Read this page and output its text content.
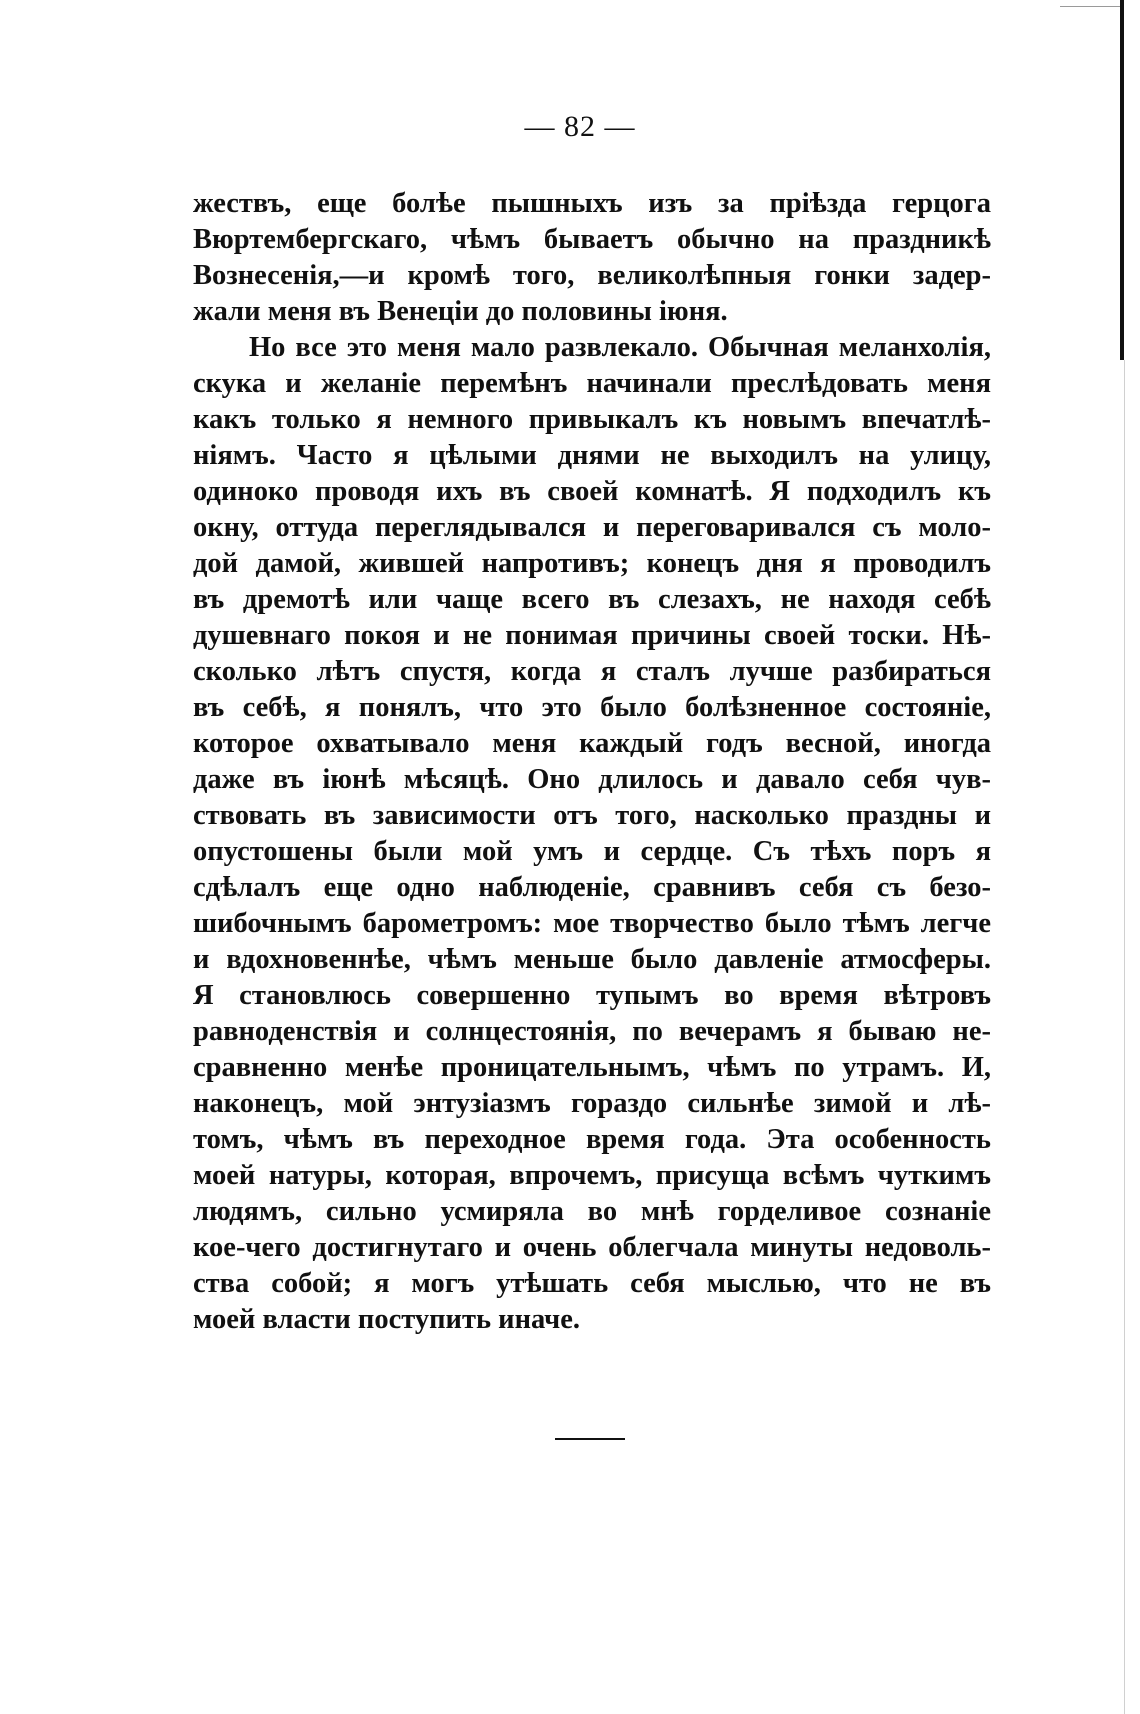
— 82 —
жествъ, еще болѣе пышныхъ изъ за пріѣзда герцога
Вюртембергскаго, чѣмъ бываетъ обычно на праздникѣ
Вознесенія,—и кромѣ того, великолѣпныя гонки задер-
жали меня въ Венеціи до половины іюня.
Но все это меня мало развлекало. Обычная меланхолія,
скука и желаніе перемѣнъ начинали преслѣдовать меня
какъ только я немного привыкалъ къ новымъ впечатлѣ-
ніямъ. Часто я цѣлыми днями не выходилъ на улицу,
одиноко проводя ихъ въ своей комнатѣ. Я подходилъ къ
окну, оттуда переглядывался и переговаривался съ моло-
дой дамой, жившей напротивъ; конецъ дня я проводилъ
въ дремотѣ или чаще всего въ слезахъ, не находя себѣ
душевнаго покоя и не понимая причины своей тоски. Нѣ-
сколько лѣтъ спустя, когда я сталъ лучше разбираться
въ себѣ, я понялъ, что это было болѣзненное состояніе,
которое охватывало меня каждый годъ весной, иногда
даже въ іюнѣ мѣсяцѣ. Оно длилось и давало себя чув-
ствовать въ зависимости отъ того, насколько праздны и
опустошены были мой умъ и сердце. Съ тѣхъ поръ я
сдѣлалъ еще одно наблюденіе, сравнивъ себя съ безо-
шибочнымъ барометромъ: мое творчество было тѣмъ легче
и вдохновеннѣе, чѣмъ меньше было давленіе атмосферы.
Я становлюсь совершенно тупымъ во время вѣтровъ
равноденствія и солнцестоянія, по вечерамъ я бываю не-
сравненно менѣе проницательнымъ, чѣмъ по утрамъ. И,
наконецъ, мой энтузіазмъ гораздо сильнѣе зимой и лѣ-
томъ, чѣмъ въ переходное время года. Эта особенность
моей натуры, которая, впрочемъ, присуща всѣмъ чуткимъ
людямъ, сильно усмиряла во мнѣ горделивое сознаніе
кое-чего достигнутаго и очень облегчала минуты недоволь-
ства собой; я могъ утѣшать себя мыслью, что не въ
моей власти поступить иначе.
